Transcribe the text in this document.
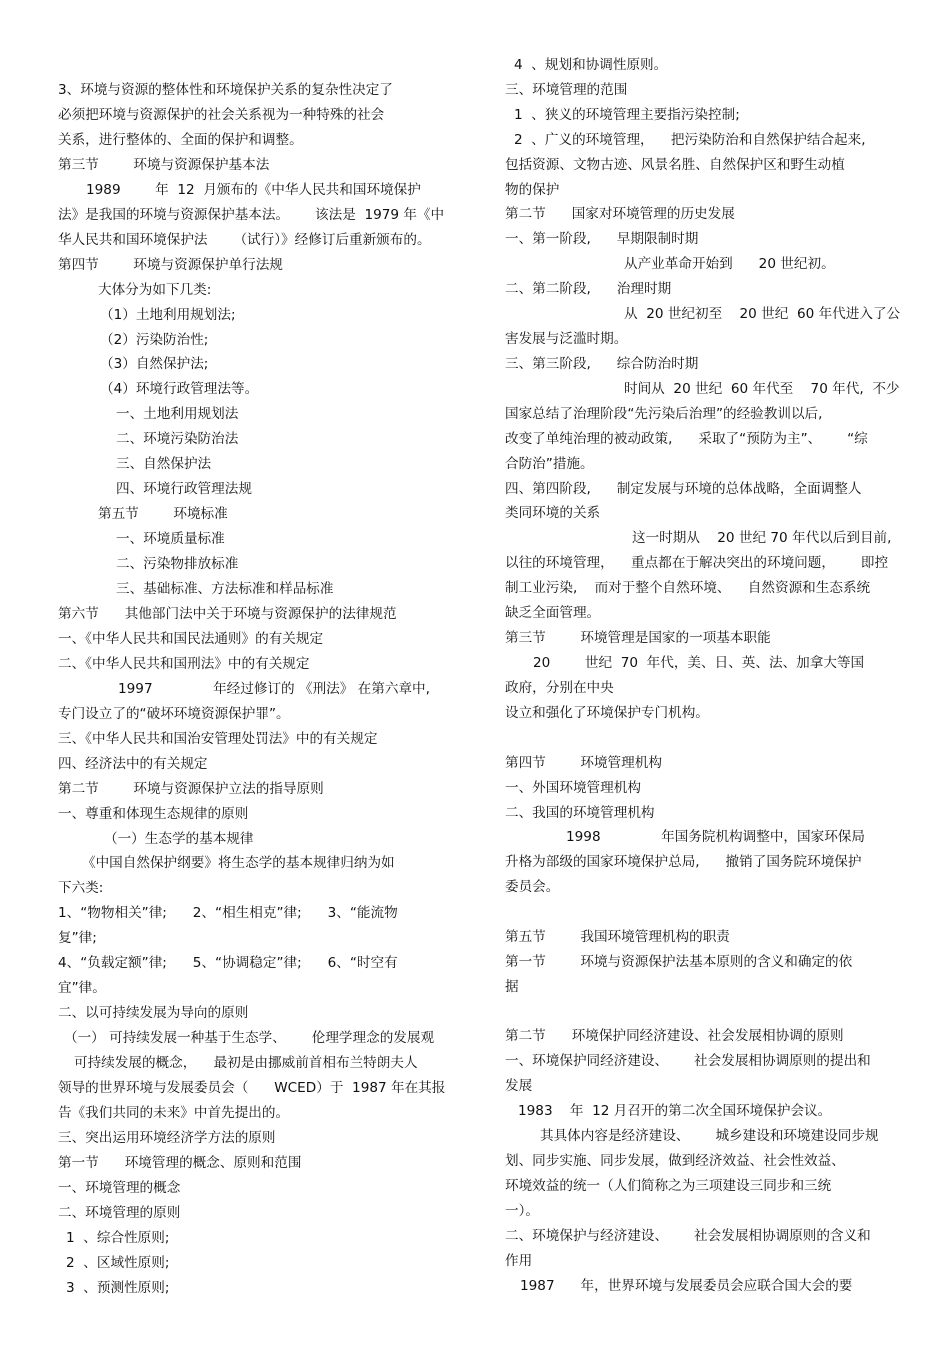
3、环境与资源的整体性和环境保护关系的复杂性决定了
必须把环境与资源保护的社会关系视为一种特殊的社会
关系，进行整体的、全面的保护和调整。
第三节        环境与资源保护基本法
1989        年  12  月颁布的《中华人民共和国环境保护
法》是我国的环境与资源保护基本法。      该法是  1979 年《中
华人民共和国环境保护法      （试行）》经修订后重新颁布的。
第四节        环境与资源保护单行法规
大体分为如下几类:
（1）土地利用规划法;
（2）污染防治性;
（3）自然保护法;
（4）环境行政管理法等。
一、土地利用规划法
二、环境污染防治法
三、自然保护法
四、环境行政管理法规
第五节        环境标准
一、环境质量标准
二、污染物排放标准
三、基础标准、方法标准和样品标准
第六节      其他部门法中关于环境与资源保护的法律规范
一、《中华人民共和国民法通则》的有关规定
二、《中华人民共和国刑法》中的有关规定
1997              年经过修订的 《刑法》 在第六章中,
专门设立了的“破坏环境资源保护罪”。
三、《中华人民共和国治安管理处罚法》中的有关规定
四、经济法中的有关规定
第二节        环境与资源保护立法的指导原则
一、尊重和体现生态规律的原则
（一）生态学的基本规律
《中国自然保护纲要》将生态学的基本规律归纳为如
下六类:
1、“物物相关”律;      2、“相生相克”律;      3、“能流物
复”律;
4、“负载定额”律;      5、“协调稳定”律;      6、“时空有
宜”律。
二、以可持续发展为导向的原则
（一） 可持续发展一种基于生态学、      伦理学理念的发展观
可持续发展的概念，    最初是由挪威前首相布兰特朗夫人
领导的世界环境与发展委员会（      WCED）于  1987 年在其报
告《我们共同的未来》中首先提出的。
三、突出运用环境经济学方法的原则
第一节      环境管理的概念、原则和范围
一、环境管理的概念
二、环境管理的原则
1  、综合性原则;
2  、区域性原则;
3  、预测性原则;
4  、规划和协调性原则。
三、环境管理的范围
1  、狭义的环境管理主要指污染控制;
2  、广义的环境管理，    把污染防治和自然保护结合起来,
包括资源、文物古迹、风景名胜、自然保护区和野生动植
物的保护
第二节      国家对环境管理的历史发展
一、第一阶段,      早期限制时期
从产业革命开始到      20 世纪初。
二、第二阶段,      治理时期
从  20 世纪初至    20 世纪  60 年代进入了公
害发展与泛滥时期。
三、第三阶段,      综合防治时期
时间从  20 世纪  60 年代至    70 年代,  不少
国家总结了治理阶段“先污染后治理”的经验教训以后,
改变了单纯治理的被动政策,      采取了“预防为主”、      “综
合防治”措施。
四、第四阶段,      制定发展与环境的总体战略，全面调整人
类同环境的关系
这一时期从    20 世纪 70 年代以后到目前,
以往的环境管理，    重点都在于解决突出的环境问题，      即控
制工业污染,    而对于整个自然环境、    自然资源和生态系统
缺乏全面管理。
第三节        环境管理是国家的一项基本职能
20        世纪  70  年代，美、日、英、法、加拿大等国
政府，分别在中央
设立和强化了环境保护专门机构。
第四节        环境管理机构
一、外国环境管理机构
二、我国的环境管理机构
1998              年国务院机构调整中，国家环保局
升格为部级的国家环境保护总局,      撤销了国务院环境保护
委员会。
第五节        我国环境管理机构的职责
第一节        环境与资源保护法基本原则的含义和确定的依
据
第二节      环境保护同经济建设、社会发展相协调的原则
一、环境保护同经济建设、      社会发展相协调原则的提出和
发展
1983    年  12 月召开的第二次全国环境保护会议。
其具体内容是经济建设、      城乡建设和环境建设同步规
划、同步实施、同步发展，做到经济效益、社会性效益、
环境效益的统一（人们简称之为三项建设三同步和三统
一）。
二、环境保护与经济建设、      社会发展相协调原则的含义和
作用
1987      年，世界环境与发展委员会应联合国大会的要
